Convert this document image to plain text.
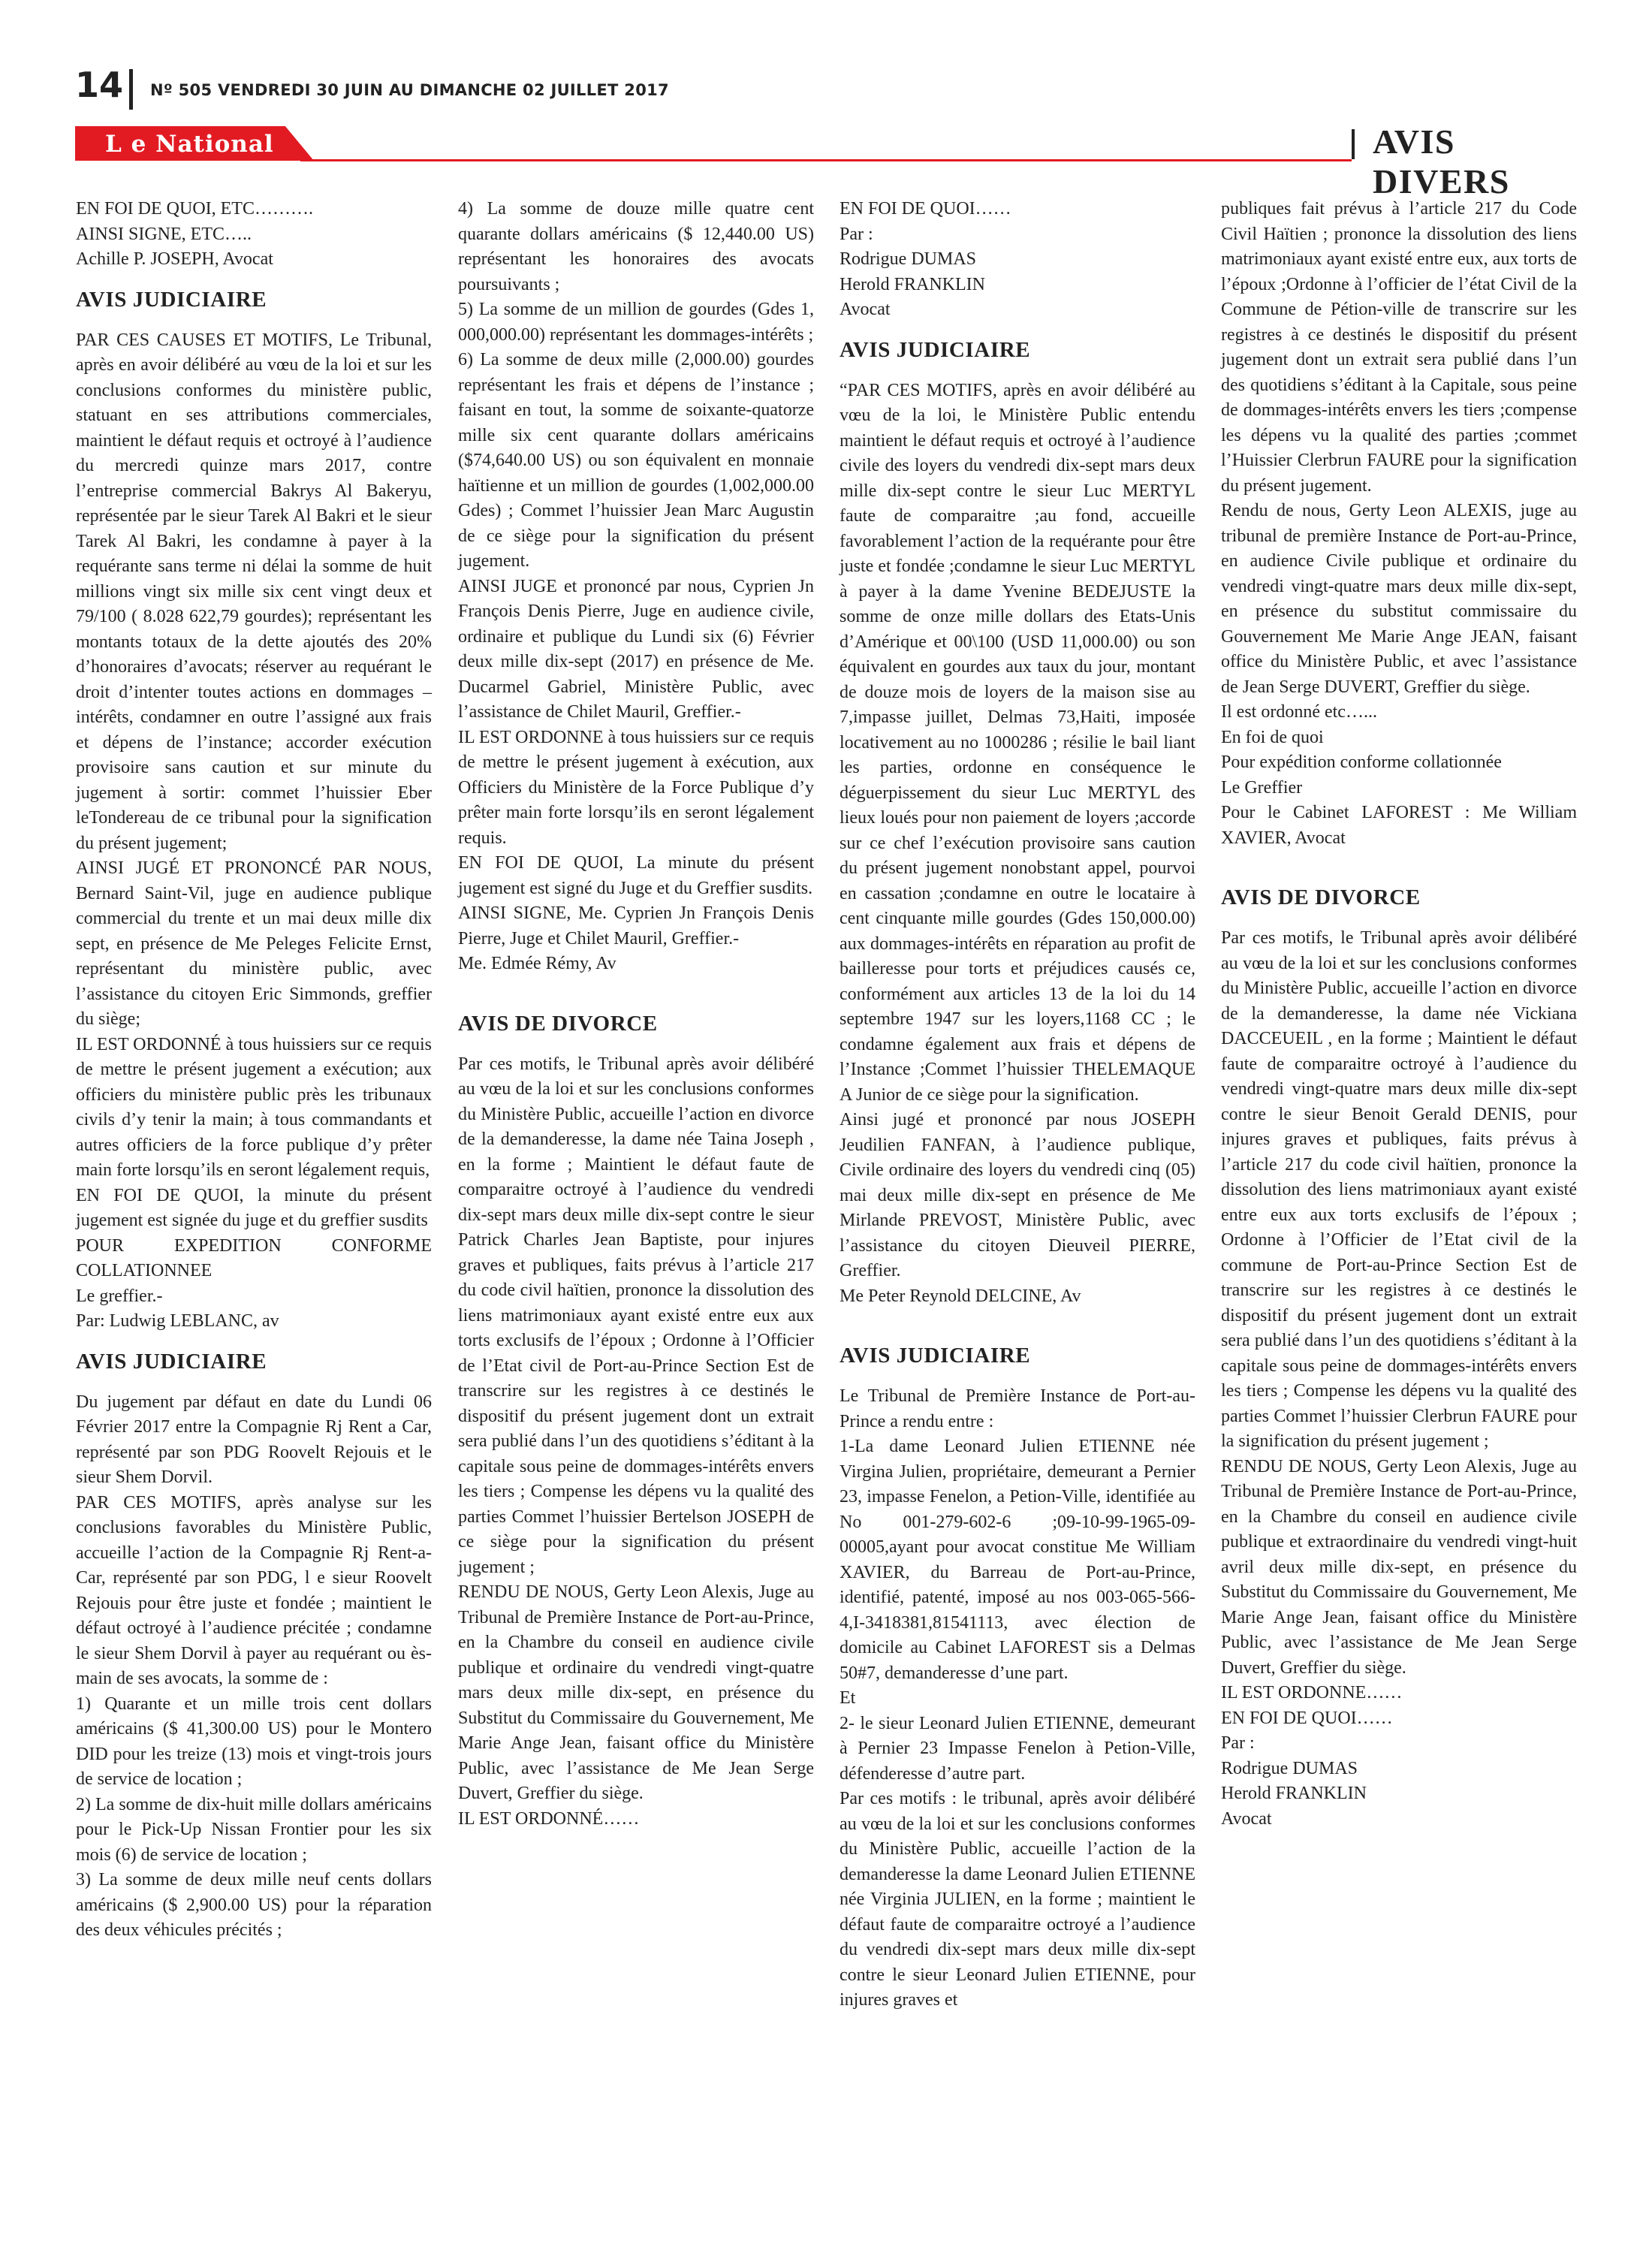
14 Nº 505 VENDREDI 30 JUIN AU DIMANCHE 02 JUILLET 2017
L e National	AVIS DIVERS

EN FOI DE QUOI, ETC……….

AINSI SIGNE, ETC…..

Achille P. JOSEPH, Avocat

AVIS JUDICIAIRE

PAR CES CAUSES ET MOTIFS, Le Tribunal, après en avoir délibéré au vœu de la loi et sur les conclusions conformes du ministère public, statuant en ses attributions commerciales, maintient le défaut requis et octroyé à l’audience du mercredi quinze mars 2017, contre l’entreprise commercial Bakrys Al Bakeryu, représentée par le sieur Tarek Al Bakri et le sieur Tarek Al Bakri, les condamne à payer à la requérante sans terme ni délai la somme de huit millions vingt six mille six cent vingt deux et 79/100 ( 8.028 622,79 gourdes); représentant les montants totaux de la dette ajoutés des 20% d’honoraires d’avocats; réserver au requérant le droit d’intenter toutes actions en dommages –intérêts, condamner en outre l’assigné aux frais et dépens de l’instance; accorder exécution provisoire sans caution et sur minute du jugement à sortir: commet l’huissier Eber leTondereau de ce tribunal pour la signification du présent jugement;

AINSI JUGÉ ET PRONONCÉ PAR NOUS, Bernard Saint-Vil, juge en audience publique commercial du trente et un mai deux mille dix sept, en présence de Me Peleges Felicite Ernst, représentant du ministère public, avec l’assistance du citoyen Eric Simmonds, greffier du siège;

IL EST ORDONNÉ à tous huissiers sur ce requis de mettre le présent jugement a exécution; aux officiers du ministère public près les tribunaux civils d’y tenir la main; à tous commandants et autres officiers de la force publique d’y prêter main forte lorsqu’ils en seront légalement requis,

EN FOI DE QUOI, la minute du présent jugement est signée du juge et du greffier susdits

POUR EXPEDITION CONFORME COLLATIONNEE

Le greffier.-

Par: Ludwig LEBLANC, av

AVIS JUDICIAIRE

Du jugement par défaut en date du Lundi 06 Février 2017 entre la Compagnie Rj Rent a Car, représenté par son PDG Roovelt Rejouis et le sieur Shem Dorvil.

PAR CES MOTIFS, après analyse sur les conclusions favorables du Ministère Public, accueille l’action de la Compagnie Rj Rent-a-Car, représenté par son PDG, l e sieur Roovelt Rejouis pour être juste et fondée ; maintient le défaut octroyé à l’audience précitée ; condamne le sieur Shem Dorvil à payer au requérant ou ès-main de ses avocats, la somme de :

1) Quarante et un mille trois cent dollars américains ($ 41,300.00 US) pour le Montero DID pour les treize (13) mois et vingt-trois jours de service de location ;

2) La somme de dix-huit mille dollars américains pour le Pick-Up Nissan Frontier pour les six mois (6) de service de location ;

3) La somme de deux mille neuf cents dollars américains ($ 2,900.00 US) pour la réparation des deux véhicules précités ;

4) La somme de douze mille quatre cent quarante dollars américains ($ 12,440.00 US) représentant les honoraires des avocats poursuivants ;

5) La somme de un million de gourdes (Gdes 1, 000,000.00) représentant les dommages-intérêts ;

6) La somme de deux mille (2,000.00) gourdes représentant les frais et dépens de l’instance ; faisant en tout, la somme de soixante-quatorze mille six cent quarante dollars américains ($74,640.00 US) ou son équivalent en monnaie haïtienne et un million de gourdes (1,002,000.00 Gdes) ; Commet l’huissier Jean Marc Augustin de ce siège pour la signification du présent jugement.

AINSI JUGE et prononcé par nous, Cyprien Jn François Denis Pierre, Juge en audience civile, ordinaire et publique du Lundi six (6) Février deux mille dix-sept (2017) en présence de Me. Ducarmel Gabriel, Ministère Public, avec l’assistance de Chilet Mauril, Greffier.-

IL EST ORDONNE à tous huissiers sur ce requis de mettre le présent jugement à exécution, aux Officiers du Ministère de la Force Publique d’y prêter main forte lorsqu’ils en seront légalement requis.

EN FOI DE QUOI, La minute du présent jugement est signé du Juge et du Greffier susdits.

AINSI SIGNE, Me. Cyprien Jn François Denis Pierre, Juge et Chilet Mauril, Greffier.-

Me. Edmée Rémy, Av

AVIS DE DIVORCE

Par ces motifs, le Tribunal après avoir délibéré au vœu de la loi et sur les conclusions conformes du Ministère Public, accueille l’action en divorce de la demanderesse, la dame née Taina Joseph , en la forme ; Maintient le défaut faute de comparaitre octroyé à l’audience du vendredi dix-sept mars deux mille dix-sept contre le sieur Patrick Charles Jean Baptiste, pour injures graves et publiques, faits prévus à l’article 217 du code civil haïtien, prononce la dissolution des liens matrimoniaux ayant existé entre eux aux torts exclusifs de l’époux ; Ordonne à l’Officier de l’Etat civil de Port-au-Prince Section Est de transcrire sur les registres à ce destinés le dispositif du présent jugement dont un extrait sera publié dans l’un des quotidiens s’éditant à la capitale sous peine de dommages-intérêts envers les tiers ; Compense les dépens vu la qualité des parties Commet l’huissier Bertelson JOSEPH de ce siège pour la signification du présent jugement ;

RENDU DE NOUS, Gerty Leon Alexis, Juge au Tribunal de Première Instance de Port-au-Prince, en la Chambre du conseil en audience civile publique et ordinaire du vendredi vingt-quatre mars deux mille dix-sept, en présence du Substitut du Commissaire du Gouvernement, Me Marie Ange Jean, faisant office du Ministère Public, avec l’assistance de Me Jean Serge Duvert, Greffier du siège.

IL EST ORDONNÉ……

EN FOI DE QUOI……

Par :

Rodrigue DUMAS

Herold FRANKLIN

Avocat

AVIS JUDICIAIRE

“PAR CES MOTIFS, après en avoir délibéré au vœu de la loi, le Ministère Public entendu maintient le défaut requis et octroyé à l’audience civile des loyers du vendredi dix-sept mars deux mille dix-sept contre le sieur Luc MERTYL faute de comparaitre ;au fond, accueille favorablement l’action de la requérante pour être juste et fondée ;condamne le sieur Luc MERTYL à payer à la dame Yvenine BEDEJUSTE la somme de onze mille dollars des Etats-Unis d’Amérique et 00\100 (USD 11,000.00) ou son équivalent en gourdes aux taux du jour, montant de douze mois de loyers de la maison sise au 7,impasse juillet, Delmas 73,Haiti, imposée locativement au no 1000286 ; résilie le bail liant les parties, ordonne en conséquence le déguerpissement du sieur Luc MERTYL des lieux loués pour non paiement de loyers ;accorde sur ce chef l’exécution provisoire sans caution du présent jugement nonobstant appel, pourvoi en cassation ;condamne en outre le locataire à cent cinquante mille gourdes (Gdes 150,000.00) aux dommages-intérêts en réparation au profit de bailleresse pour torts et préjudices causés ce, conformément aux articles 13 de la loi du 14 septembre 1947 sur les loyers,1168 CC ; le condamne également aux frais et dépens de l’Instance ;Commet l’huissier THELEMAQUE A Junior de ce siège pour la signification.

Ainsi jugé et prononcé par nous JOSEPH Jeudilien FANFAN, à l’audience publique, Civile ordinaire des loyers du vendredi cinq (05) mai deux mille dix-sept en présence de Me Mirlande PREVOST, Ministère Public, avec l’assistance du citoyen Dieuveil PIERRE, Greffier.

Me Peter Reynold DELCINE, Av

AVIS JUDICIAIRE

Le Tribunal de Première Instance de Port-au-Prince a rendu entre :

1-La dame Leonard Julien ETIENNE née Virgina Julien, propriétaire, demeurant a Pernier 23, impasse Fenelon, a Petion-Ville, identifiée au No 001-279-602-6 ;09-10-99-1965-09-00005,ayant pour avocat constitue Me William XAVIER, du Barreau de Port-au-Prince, identifié, patenté, imposé au nos 003-065-566-4,I-3418381,81541113, avec élection de domicile au Cabinet LAFOREST sis a Delmas 50#7, demanderesse d’une part.

Et

2- le sieur Leonard Julien ETIENNE, demeurant à Pernier 23 Impasse Fenelon à Petion-Ville, défenderesse d’autre part.

Par ces motifs : le tribunal, après avoir délibéré au vœu de la loi et sur les conclusions conformes du Ministère Public, accueille l’action de la demanderesse la dame Leonard Julien ETIENNE née Virginia JULIEN, en la forme ; maintient le défaut faute de comparaitre octroyé a l’audience du vendredi dix-sept mars deux mille dix-sept contre le sieur Leonard Julien ETIENNE, pour injures graves et

publiques fait prévus à l’article 217 du Code Civil Haïtien ; prononce la dissolution des liens matrimoniaux ayant existé entre eux, aux torts de l’époux ;Ordonne à l’officier de l’état Civil de la Commune de Pétion-ville de transcrire sur les registres à ce destinés le dispositif du présent jugement dont un extrait sera publié dans l’un des quotidiens s’éditant à la Capitale, sous peine de dommages-intérêts envers les tiers ;compense les dépens vu la qualité des parties ;commet l’Huissier Clerbrun FAURE pour la signification du présent jugement.

Rendu de nous, Gerty Leon ALEXIS, juge au tribunal de première Instance de Port-au-Prince, en audience Civile publique et ordinaire du vendredi vingt-quatre mars deux mille dix-sept, en présence du substitut commissaire du Gouvernement Me Marie Ange JEAN, faisant office du Ministère Public, et avec l’assistance de Jean Serge DUVERT, Greffier du siège.

Il est ordonné etc…...

En foi de quoi

Pour expédition conforme collationnée

Le Greffier

Pour le Cabinet LAFOREST : Me William XAVIER, Avocat

AVIS DE DIVORCE

Par ces motifs, le Tribunal après avoir délibéré au vœu de la loi et sur les conclusions conformes du Ministère Public, accueille l’action en divorce de la demanderesse, la dame née Vickiana DACCEUEIL , en la forme ; Maintient le défaut faute de comparaitre octroyé à l’audience du vendredi vingt-quatre mars deux mille dix-sept contre le sieur Benoit Gerald DENIS, pour injures graves et publiques, faits prévus à l’article 217 du code civil haïtien, prononce la dissolution des liens matrimoniaux ayant existé entre eux aux torts exclusifs de l’époux ; Ordonne à l’Officier de l’Etat civil de la commune de Port-au-Prince Section Est de transcrire sur les registres à ce destinés le dispositif du présent jugement dont un extrait sera publié dans l’un des quotidiens s’éditant à la capitale sous peine de dommages-intérêts envers les tiers ; Compense les dépens vu la qualité des parties Commet l’huissier Clerbrun FAURE pour la signification du présent jugement ;

RENDU DE NOUS, Gerty Leon Alexis, Juge au Tribunal de Première Instance de Port-au-Prince, en la Chambre du conseil en audience civile publique et extraordinaire du vendredi vingt-huit avril deux mille dix-sept, en présence du Substitut du Commissaire du Gouvernement, Me Marie Ange Jean, faisant office du Ministère Public, avec l’assistance de Me Jean Serge Duvert, Greffier du siège.

IL EST ORDONNE……

EN FOI DE QUOI……

Par :

Rodrigue DUMAS

Herold FRANKLIN

Avocat
